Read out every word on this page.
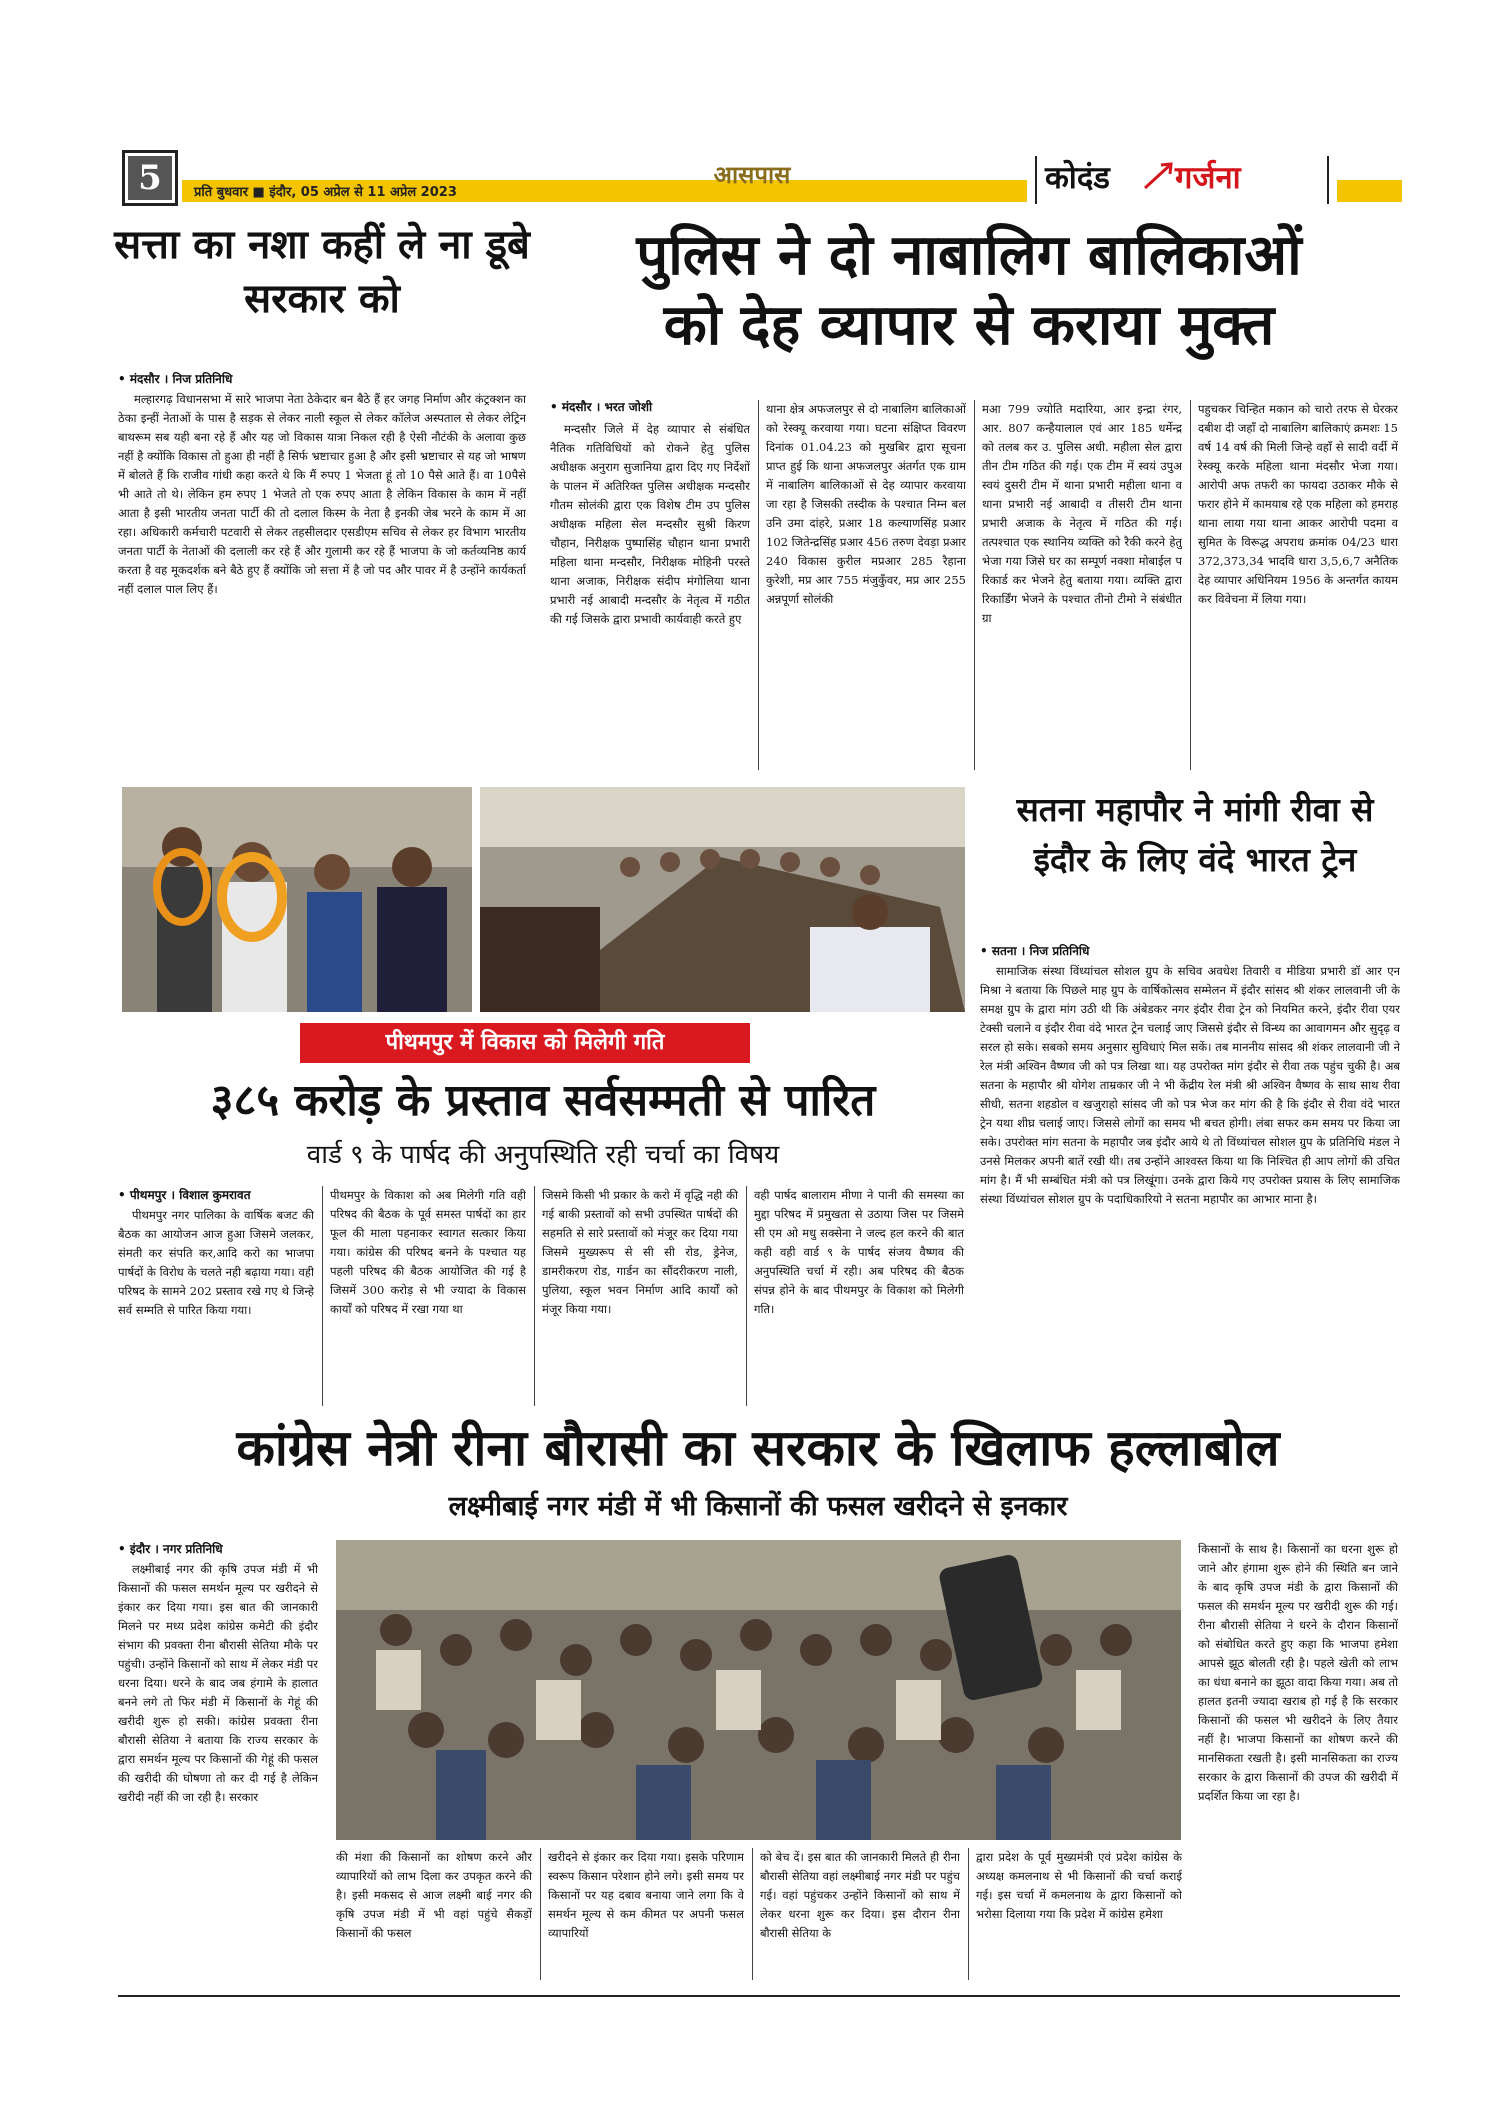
5	प्रति बुधवार ■ इंदौर, 05 अप्रेल से 11 अप्रेल 2023
आसपास	कोदंड गर्जना
सत्ता का नशा कहीं ले ना डूबे सरकार को
• मंदसौर । निज प्रतिनिधि
मल्हारगढ़ विधानसभा में सारे भाजपा नेता ठेकेदार बन बैठे हैं हर जगह निर्माण और कंट्रक्शन का ठेका इन्हीं नेताओं के पास है सड़क से लेकर नाली स्कूल से लेकर कॉलेज अस्पताल से लेकर लेट्रिन बाथरूम सब यही बना रहे हैं और यह जो विकास यात्रा निकल रही है ऐसी नौटंकी के अलावा कुछ नहीं है क्योंकि विकास तो हुआ ही नहीं है सिर्फ भ्रष्टाचार हुआ है और इसी भ्रष्टाचार से यह जो भाषण में बोलते हैं कि राजीव गांधी कहा करते थे कि मैं रुपए 1 भेजता हूं तो 10 पैसे आते हैं। वा 10पैसे भी आते तो थे। लेकिन हम रुपए 1 भेजते तो एक रुपए आता है लेकिन विकास के काम में नहीं आता है इसी भारतीय जनता पार्टी की तो दलाल किस्म के नेता है इनकी जेब भरने के काम में आ रहा। अधिकारी कर्मचारी पटवारी से लेकर तहसीलदार एसडीएम सचिव से लेकर हर विभाग भारतीय जनता पार्टी के नेताओं की दलाली कर रहे हैं और गुलामी कर रहे हैं भाजपा के जो कर्तव्यनिष्ठ कार्य करता है वह मूकदर्शक बने बैठे हुए हैं क्योंकि जो सत्ता में है जो पद और पावर में है उन्होंने कार्यकर्ता नहीं दलाल पाल लिए हैं।
पुलिस ने दो नाबालिग बालिकाओं
को देह व्यापार से कराया मुक्त
• मंदसौर । भरत जोशी
मन्दसौर जिले में देह व्यापार से संबंधित नैतिक गतिविधियों को रोकने हेतु पुलिस अधीक्षक अनुराग सुजानिया द्वारा दिए गए निर्देशों के पालन में अतिरिक्त पुलिस अधीक्षक मन्दसौर गौतम सोलंकी द्वारा एक विशेष टीम उप पुलिस अधीक्षक महिला सेल मन्दसौर सुश्री किरण चौहान, निरीक्षक पुष्पासिंह चौहान थाना प्रभारी महिला थाना मन्दसौर, निरीक्षक मोहिनी परस्ते थाना अजाक, निरीक्षक संदीप मंगोलिया थाना प्रभारी नई आबादी मन्दसौर के नेतृत्व में गठीत की गई जिसके द्वारा प्रभावी कार्यवाही करते हुए
थाना क्षेत्र अफजलपुर से दो नाबालिग बालिकाओं को रेस्क्यू करवाया गया। घटना संक्षिप्त विवरण दिनांक 01.04.23 को मुखबिर द्वारा सूचना प्राप्त हुई कि थाना अफजलपुर अंतर्गत एक ग्राम में नाबालिग बालिकाओं से देह व्यापार करवाया जा रहा है जिसकी तस्दीक के पश्चात निम्न बल उनि उमा दांहरे, प्रआर 18 कल्याणसिंह प्रआर 102 जितेन्द्रसिंह प्रआर 456 तरुण देवड़ा प्रआर 240 विकास कुरील मप्रआर 285 रैहाना कुरेशी, मप्र आर 755 मंजुकुँवर, मप्र आर 255 अन्नपूर्णा सोलंकी
मआ 799 ज्योति मदारिया, आर इन्द्रा रंगर, आर. 807 कन्हैयालाल एवं आर 185 धर्मेन्द्र को तलब कर उ. पुलिस अधी. महीला सेल द्वारा तीन टीम गठित की गई। एक टीम में स्वयं उपुअ स्वयं दुसरी टीम में थाना प्रभारी महीला थाना व थाना प्रभारी नई आबादी व तीसरी टीम थाना प्रभारी अजाक के नेतृत्व में गठित की गई। तत्पश्चात एक स्थानिय व्यक्ति को रैकी करने हेतु भेजा गया जिसे घर का सम्पूर्ण नक्शा मोबाईल प रिकार्ड कर भेजने हेतु बताया गया। व्यक्ति द्वारा रिकार्डिंग भेजने के पश्चात तीनो टीमो ने संबंधीत ग्रा
पहुचकर चिन्हित मकान को चारो तरफ से घेरकर दबीश दी जहाँ दो नाबालिग बालिकाएं क्रमशः 15 वर्ष 14 वर्ष की मिली जिन्हे वहाँ से सादी वर्दी में रेस्क्यू करके महिला थाना मंदसौर भेजा गया। आरोपी अफ तफरी का फायदा उठाकर मौके से फरार होने में कामयाब रहे एक महिला को हमराह थाना लाया गया थाना आकर आरोपी पदमा व सुमित के विरूद्ध अपराध क्रमांक 04/23 धारा 372,373,34 भादवि धारा 3,5,6,7 अनैतिक देह व्यापार अधिनियम 1956 के अन्तर्गत कायम कर विवेचना में लिया गया।
सतना महापौर ने मांगी रीवा से इंदौर के लिए वंदे भारत ट्रेन
• सतना । निज प्रतिनिधि
सामाजिक संस्था विंध्यांचल सोशल ग्रुप के सचिव अवधेश तिवारी व मीडिया प्रभारी डॉ आर एन मिश्रा ने बताया कि पिछले माह ग्रुप के वार्षिकोत्सव सम्मेलन में इंदौर सांसद श्री शंकर लालवानी जी के समक्ष ग्रुप के द्वारा मांग उठी थी कि अंबेडकर नगर इंदौर रीवा ट्रेन को नियमित करने, इंदौर रीवा एयर टेक्सी चलाने व इंदौर रीवा वंदे भारत ट्रेन चलाई जाए जिससे इंदौर से विन्ध्य का आवागमन और सुदृढ़ व सरल हो सके। सबको समय अनुसार सुविधाएं मिल सकें। तब माननीय सांसद श्री शंकर लालवानी जी ने रेल मंत्री अश्विन वैष्णव जी को पत्र लिखा था। यह उपरोक्त मांग इंदौर से रीवा तक पहुंच चुकी है। अब सतना के महापौर श्री योगेश ताम्रकार जी ने भी केंद्रीय रेल मंत्री श्री अश्विन वैष्णव के साथ साथ रीवा सीधी, सतना शहडोल व खजुराहो सांसद जी को पत्र भेज कर मांग की है कि इंदौर से रीवा वंदे भारत ट्रेन यथा शीघ्र चलाई जाए। जिससे लोगों का समय भी बचत होगी। लंबा सफर कम समय पर किया जा सके। उपरोक्त मांग सतना के महापौर जब इंदौर आये थे तो विंध्यांचल सोशल ग्रुप के प्रतिनिधि मंडल ने उनसे मिलकर अपनी बातें रखी थी। तब उन्होंने आश्वस्त किया था कि निश्चित ही आप लोगों की उचित मांग है। मैं भी सम्बंधित मंत्री को पत्र लिखूंगा। उनके द्वारा किये गए उपरोक्त प्रयास के लिए सामाजिक संस्था विंध्यांचल सोशल ग्रुप के पदाधिकारियो ने सतना महापौर का आभार माना है।
पीथमपुर में विकास को मिलेगी गति
३८५ करोड़ के प्रस्ताव सर्वसम्मती से पारित
वार्ड ९ के पार्षद की अनुपस्थिति रही चर्चा का विषय
• पीथमपुर । विशाल कुमरावत
पीथमपुर नगर पालिका के वार्षिक बजट की बैठक का आयोजन आज हुआ जिसमे जलकर, संमती कर संपति कर,आदि करो का भाजपा पार्षदों के विरोध के चलते नही बढ़ाया गया। वही परिषद के सामने 202 प्रस्ताव रखे गए थे जिन्हे सर्व सम्मति से पारित किया गया।
पीथमपुर के विकाश को अब मिलेगी गति वही परिषद की बैठक के पूर्व समस्त पार्षदों का हार फूल की माला पहनाकर स्वागत सत्कार किया गया। कांग्रेस की परिषद बनने के पश्चात यह पहली परिषद की बैठक आयोजित की गई है जिसमें 300 करोड़ से भी ज्यादा के विकास कार्यों को परिषद में रखा गया था
जिसमे किसी भी प्रकार के करो में वृद्धि नही की गई बाकी प्रस्तावों को सभी उपस्थित पार्षदों की सहमति से सारे प्रस्तावों को मंजूर कर दिया गया जिसमे मुख्यरूप से सी सी रोड, ड्रेनेज, डामरीकरण रोड, गार्डन का सौंदरीकरण नाली, पुलिया, स्कूल भवन निर्माण आदि कार्यों को मंजूर किया गया।
वही पार्षद बालाराम मीणा ने पानी की समस्या का मुद्दा परिषद में प्रमुखता से उठाया जिस पर जिसमे सी एम ओ मधु सक्सेना ने जल्द हल करने की बात कही वही वार्ड ९ के पार्षद संजय वैष्णव की अनुपस्थिति चर्चा में रही। अब परिषद की बैठक संपन्न होने के बाद पीथमपुर के विकाश को मिलेगी गति।
कांग्रेस नेत्री रीना बौरासी का सरकार के खिलाफ हल्लाबोल
लक्ष्मीबाई नगर मंडी में भी किसानों की फसल खरीदने से इनकार
• इंदौर । नगर प्रतिनिधि
लक्ष्मीबाई नगर की कृषि उपज मंडी में भी किसानों की फसल समर्थन मूल्य पर खरीदने से इंकार कर दिया गया। इस बात की जानकारी मिलने पर मध्य प्रदेश कांग्रेस कमेटी की इंदौर संभाग की प्रवक्ता रीना बौरासी सेतिया मौके पर पहुंची। उन्होंने किसानों को साथ में लेकर मंडी पर धरना दिया। धरने के बाद जब हंगामे के हालात बनने लगे तो फिर मंडी में किसानों के गेहूं की खरीदी शुरू हो सकी। कांग्रेस प्रवक्ता रीना बौरासी सेतिया ने बताया कि राज्य सरकार के द्वारा समर्थन मूल्य पर किसानों की गेहूं की फसल की खरीदी की घोषणा तो कर दी गई है लेकिन खरीदी नहीं की जा रही है। सरकार
किसानों के साथ है। किसानों का धरना शुरू हो जाने और हंगामा शुरू होने की स्थिति बन जाने के बाद कृषि उपज मंडी के द्वारा किसानों की फसल की समर्थन मूल्य पर खरीदी शुरू की गई। रीना बौरासी सेतिया ने धरने के दौरान किसानों को संबोधित करते हुए कहा कि भाजपा हमेशा आपसे झूठ बोलती रही है। पहले खेती को लाभ का धंधा बनाने का झूठा वादा किया गया। अब तो हालत इतनी ज्यादा खराब हो गई है कि सरकार किसानों की फसल भी खरीदने के लिए तैयार नहीं है। भाजपा किसानों का शोषण करने की मानसिकता रखती है। इसी मानसिकता का राज्य सरकार के द्वारा किसानों की उपज की खरीदी में प्रदर्शित किया जा रहा है।
की मंशा की किसानों का शोषण करने और व्यापारियों को लाभ दिला कर उपकृत करने की है। इसी मकसद से आज लक्ष्मी बाई नगर की कृषि उपज मंडी में भी वहां पहुंचे सैकड़ों किसानों की फसल
खरीदने से इंकार कर दिया गया। इसके परिणाम स्वरूप किसान परेशान होने लगे। इसी समय पर किसानों पर यह दबाव बनाया जाने लगा कि वे समर्थन मूल्य से कम कीमत पर अपनी फसल व्यापारियों
को बेच दें। इस बात की जानकारी मिलते ही रीना बौरासी सेतिया वहां लक्ष्मीबाई नगर मंडी पर पहुंच गई। वहां पहुंचकर उन्होंने किसानों को साथ में लेकर धरना शुरू कर दिया। इस दौरान रीना बौरासी सेतिया के
द्वारा प्रदेश के पूर्व मुख्यमंत्री एवं प्रदेश कांग्रेस के अध्यक्ष कमलनाथ से भी किसानों की चर्चा कराई गई। इस चर्चा में कमलनाथ के द्वारा किसानों को भरोसा दिलाया गया कि प्रदेश में कांग्रेस हमेशा
